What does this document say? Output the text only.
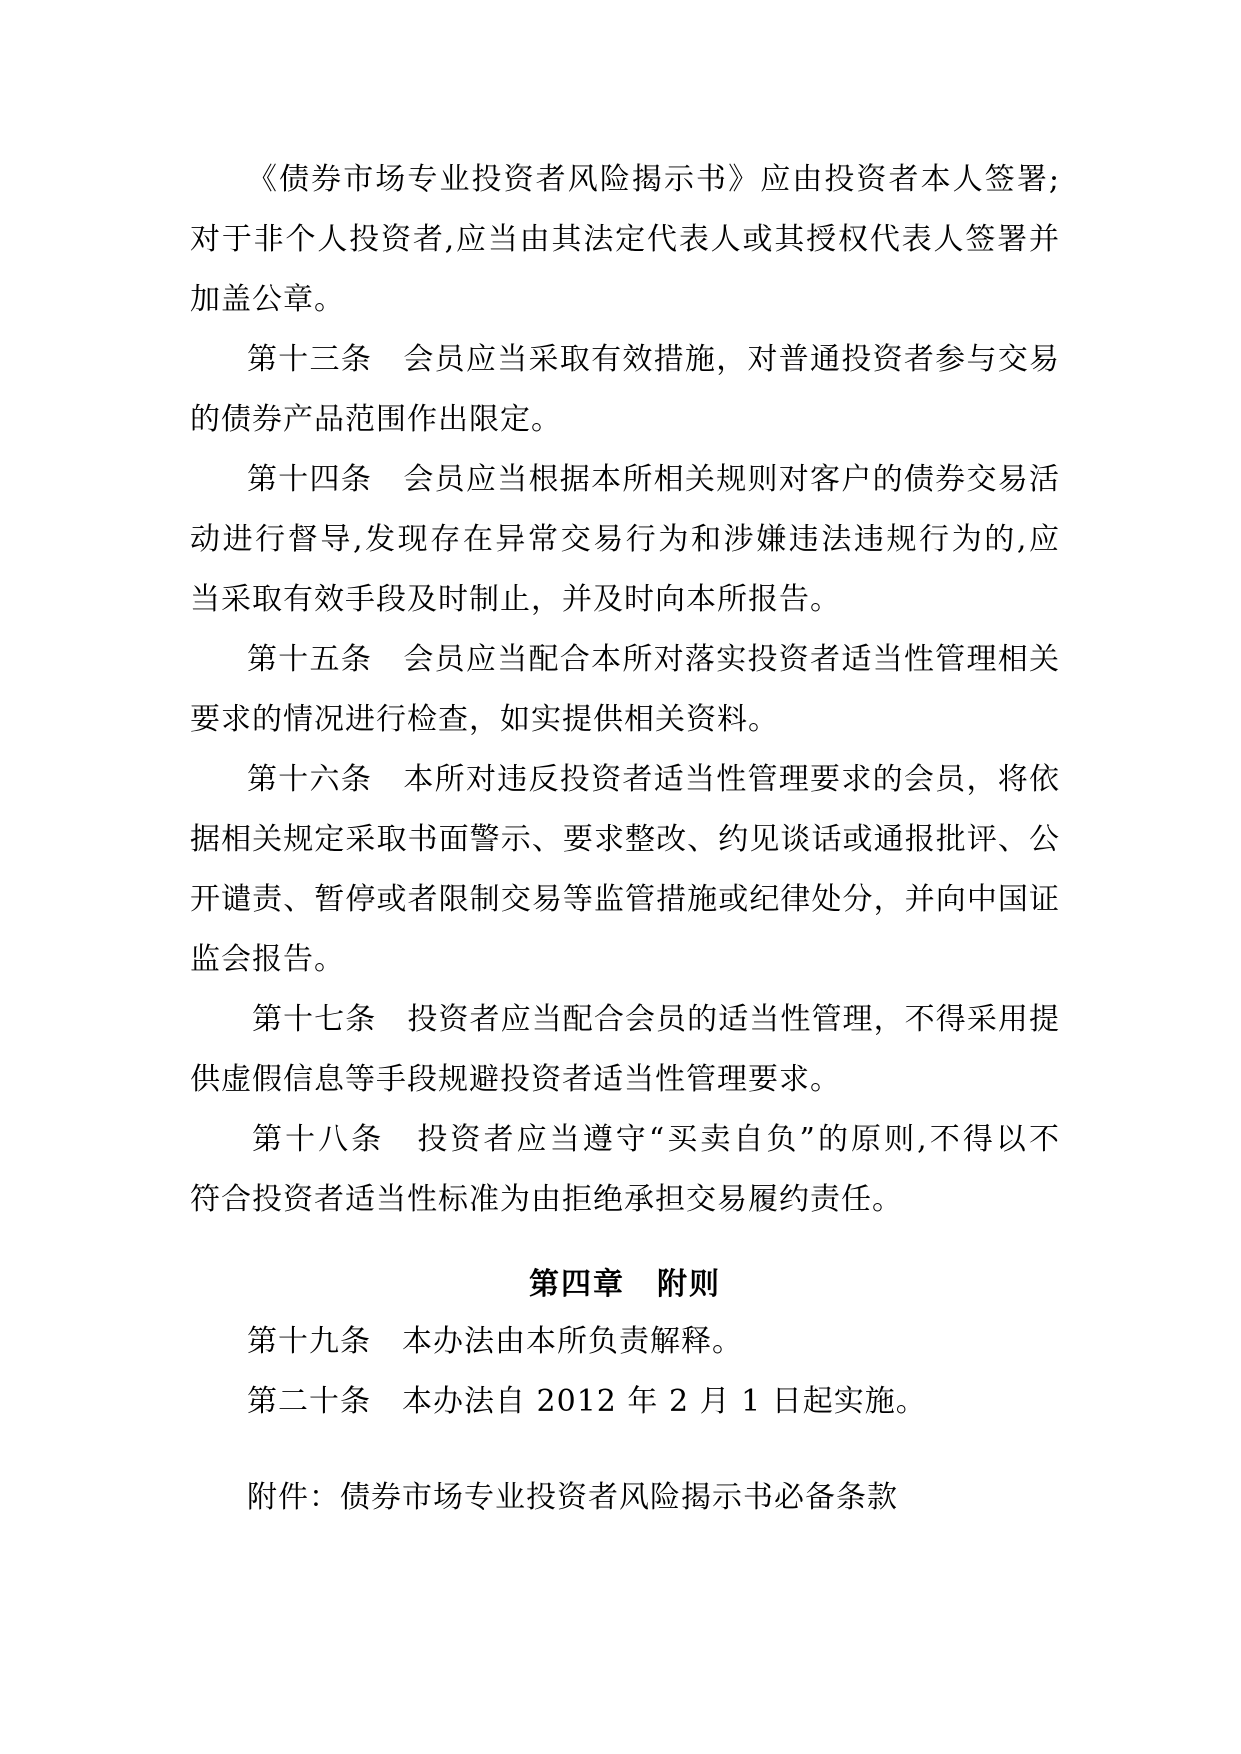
《债券市场专业投资者风险揭示书》应由投资者本人签署;
对于非个人投资者,应当由其法定代表人或其授权代表人签署并
加盖公章。
第十三条　会员应当采取有效措施，对普通投资者参与交易
的债券产品范围作出限定。
第十四条　会员应当根据本所相关规则对客户的债券交易活
动进行督导,发现存在异常交易行为和涉嫌违法违规行为的,应
当采取有效手段及时制止，并及时向本所报告。
第十五条　会员应当配合本所对落实投资者适当性管理相关
要求的情况进行检查，如实提供相关资料。
第十六条　本所对违反投资者适当性管理要求的会员，将依
据相关规定采取书面警示、要求整改、约见谈话或通报批评、公
开谴责、暂停或者限制交易等监管措施或纪律处分，并向中国证
监会报告。
第十七条　投资者应当配合会员的适当性管理，不得采用提
供虚假信息等手段规避投资者适当性管理要求。
第十八条　投资者应当遵守“买卖自负”的原则,不得以不
符合投资者适当性标准为由拒绝承担交易履约责任。
第四章　附则
第十九条　本办法由本所负责解释。
第二十条　本办法自 2012 年 2 月 1 日起实施。
附件：债券市场专业投资者风险揭示书必备条款
